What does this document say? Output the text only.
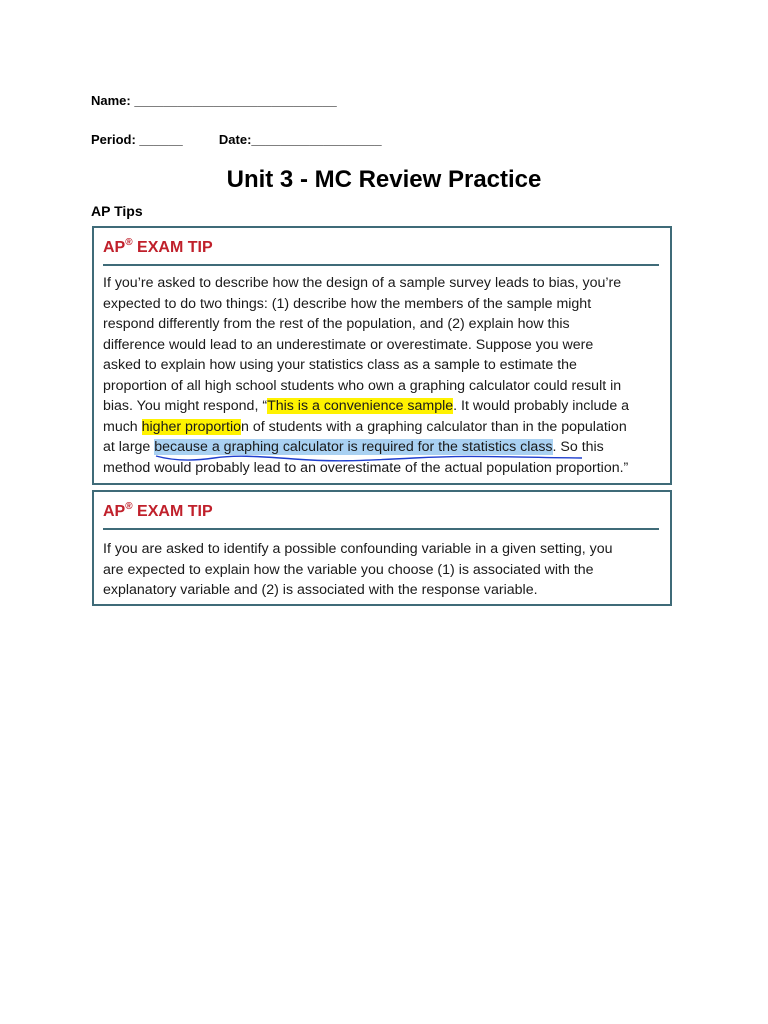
Name: ____________________________
Period: ______	Date:__________________
Unit 3 - MC Review Practice
AP Tips
AP® EXAM TIP
If you’re asked to describe how the design of a sample survey leads to bias, you’re
expected to do two things: (1) describe how the members of the sample might
respond differently from the rest of the population, and (2) explain how this
difference would lead to an underestimate or overestimate. Suppose you were
asked to explain how using your statistics class as a sample to estimate the
proportion of all high school students who own a graphing calculator could result in
bias. You might respond, “This is a convenience sample. It would probably include a
much higher proportion of students with a graphing calculator than in the population
at large because a graphing calculator is required for the statistics class
. So this
method would probably lead to an overestimate of the actual population proportion.”
AP® EXAM TIP
If you are asked to identify a possible confounding variable in a given setting, you
are expected to explain how the variable you choose (1) is associated with the
explanatory variable and (2) is associated with the response variable.
